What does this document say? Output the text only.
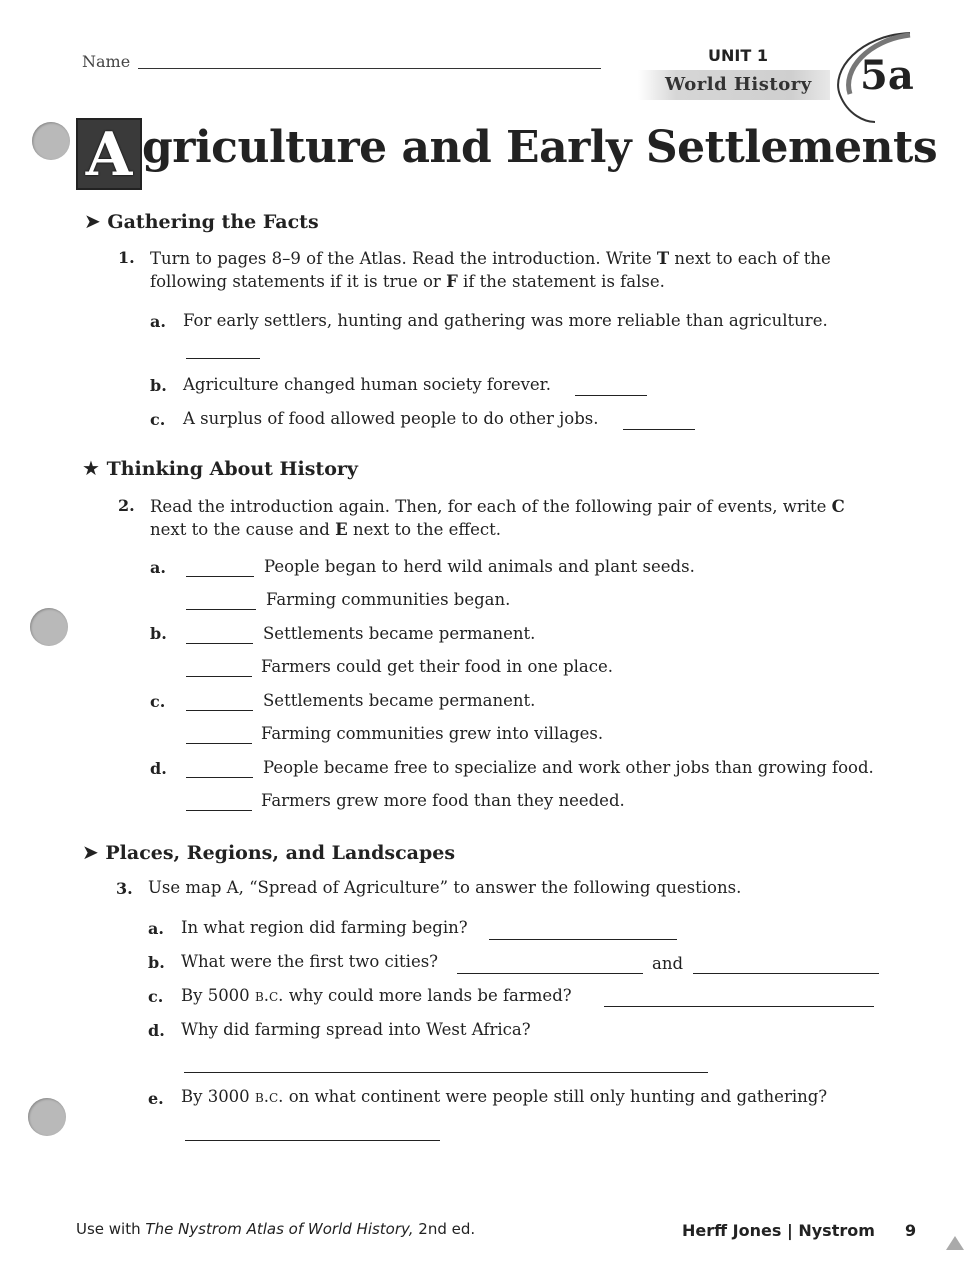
Name	UNIT 1
World History 5a
A griculture and Early Settlements
➤ Gathering the Facts
1. Turn to pages 8–9 of the Atlas. Read the introduction. Write T next to each of the
following statements if it is true or F if the statement is false.
a. For early settlers, hunting and gathering was more reliable than agriculture.
b. Agriculture changed human society forever.
c. A surplus of food allowed people to do other jobs.
★ Thinking About History
2. Read the introduction again. Then, for each of the following pair of events, write C
next to the cause and E next to the effect.
a.	People began to herd wild animals and plant seeds.
Farming communities began.
b.	Settlements became permanent.
Farmers could get their food in one place.
c.	Settlements became permanent.
Farming communities grew into villages.
d.	People became free to specialize and work other jobs than growing food.
Farmers grew more food than they needed.
➤ Places, Regions, and Landscapes
3. Use map A, “Spread of Agriculture” to answer the following questions.
a. In what region did farming begin?
b. What were the first two cities?	and
c. By 5000 b.c. why could more lands be farmed?
d. Why did farming spread into West Africa?
e. By 3000 b.c. on what continent were people still only hunting and gathering?
Use with The Nystrom Atlas of World History, 2nd ed.	Herff Jones | Nystrom 9
